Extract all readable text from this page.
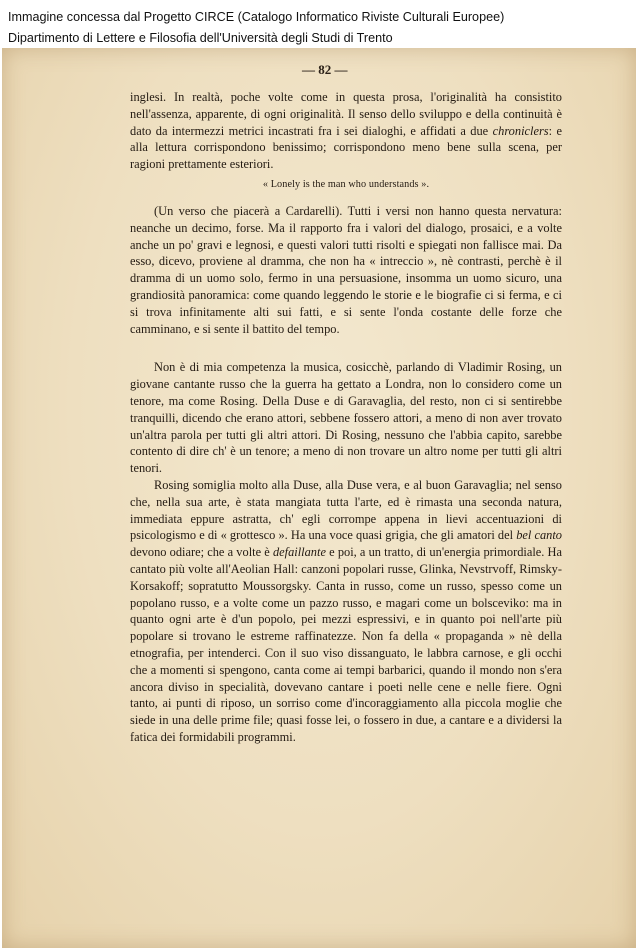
Immagine concessa dal Progetto CIRCE (Catalogo Informatico Riviste Culturali Europee)
Dipartimento di Lettere e Filosofia dell'Università degli Studi di Trento
— 82 —

inglesi. In realtà, poche volte come in questa prosa, l'originalità ha consistito nell'assenza, apparente, di ogni originalità. Il senso dello sviluppo e della continuità è dato da intermezzi metrici incastrati fra i sei dialoghi, e affidati a due chroniclers: e alla lettura corrispondono benissimo; corrispondono meno bene sulla scena, per ragioni prettamente esteriori.

« Lonely is the man who understands ».

(Un verso che piacerà a Cardarelli). Tutti i versi non hanno questa nervatura: neanche un decimo, forse. Ma il rapporto fra i valori del dialogo, prosaici, e a volte anche un po' gravi e legnosi, e questi valori tutti risolti e spiegati non fallisce mai. Da esso, dicevo, proviene al dramma, che non ha « intreccio », nè contrasti, perchè è il dramma di un uomo solo, fermo in una persuasione, insomma un uomo sicuro, una grandiosità panoramica: come quando leggendo le storie e le biografie ci si ferma, e ci si trova infinitamente alti sui fatti, e si sente l'onda costante delle forze che camminano, e si sente il battito del tempo.

Non è di mia competenza la musica, cosicchè, parlando di Vladimir Rosing, un giovane cantante russo che la guerra ha gettato a Londra, non lo considero come un tenore, ma come Rosing. Della Duse e di Garavaglia, del resto, non ci si sentirebbe tranquilli, dicendo che erano attori, sebbene fossero attori, a meno di non aver trovato un'altra parola per tutti gli altri attori. Di Rosing, nessuno che l'abbia capito, sarebbe contento di dire ch' è un tenore; a meno di non trovare un altro nome per tutti gli altri tenori.

Rosing somiglia molto alla Duse, alla Duse vera, e al buon Garavaglia; nel senso che, nella sua arte, è stata mangiata tutta l'arte, ed è rimasta una seconda natura, immediata eppure astratta, ch' egli corrompe appena in lievi accentuazioni di psicologismo e di « grottesco ». Ha una voce quasi grigia, che gli amatori del bel canto devono odiare; che a volte è defaillante e poi, a un tratto, di un'energia primordiale. Ha cantato più volte all'Aeolian Hall: canzoni popolari russe, Glinka, Nevstrvoff, Rimsky-Korsakoff; sopratutto Moussorgsky. Canta in russo, come un russo, spesso come un popolano russo, e a volte come un pazzo russo, e magari come un bolsceviko: ma in quanto ogni arte è d'un popolo, pei mezzi espressivi, e in quanto poi nell'arte più popolare si trovano le estreme raffinatezze. Non fa della « propaganda » nè della etnografia, per intenderci. Con il suo viso dissanguato, le labbra carnose, e gli occhi che a momenti si spengono, canta come ai tempi barbarici, quando il mondo non s'era ancora diviso in specialità, dovevano cantare i poeti nelle cene e nelle fiere. Ogni tanto, ai punti di riposo, un sorriso come d'incoraggiamento alla piccola moglie che siede in una delle prime file; quasi fosse lei, o fossero in due, a cantare e a dividersi la fatica dei formidabili programmi.
